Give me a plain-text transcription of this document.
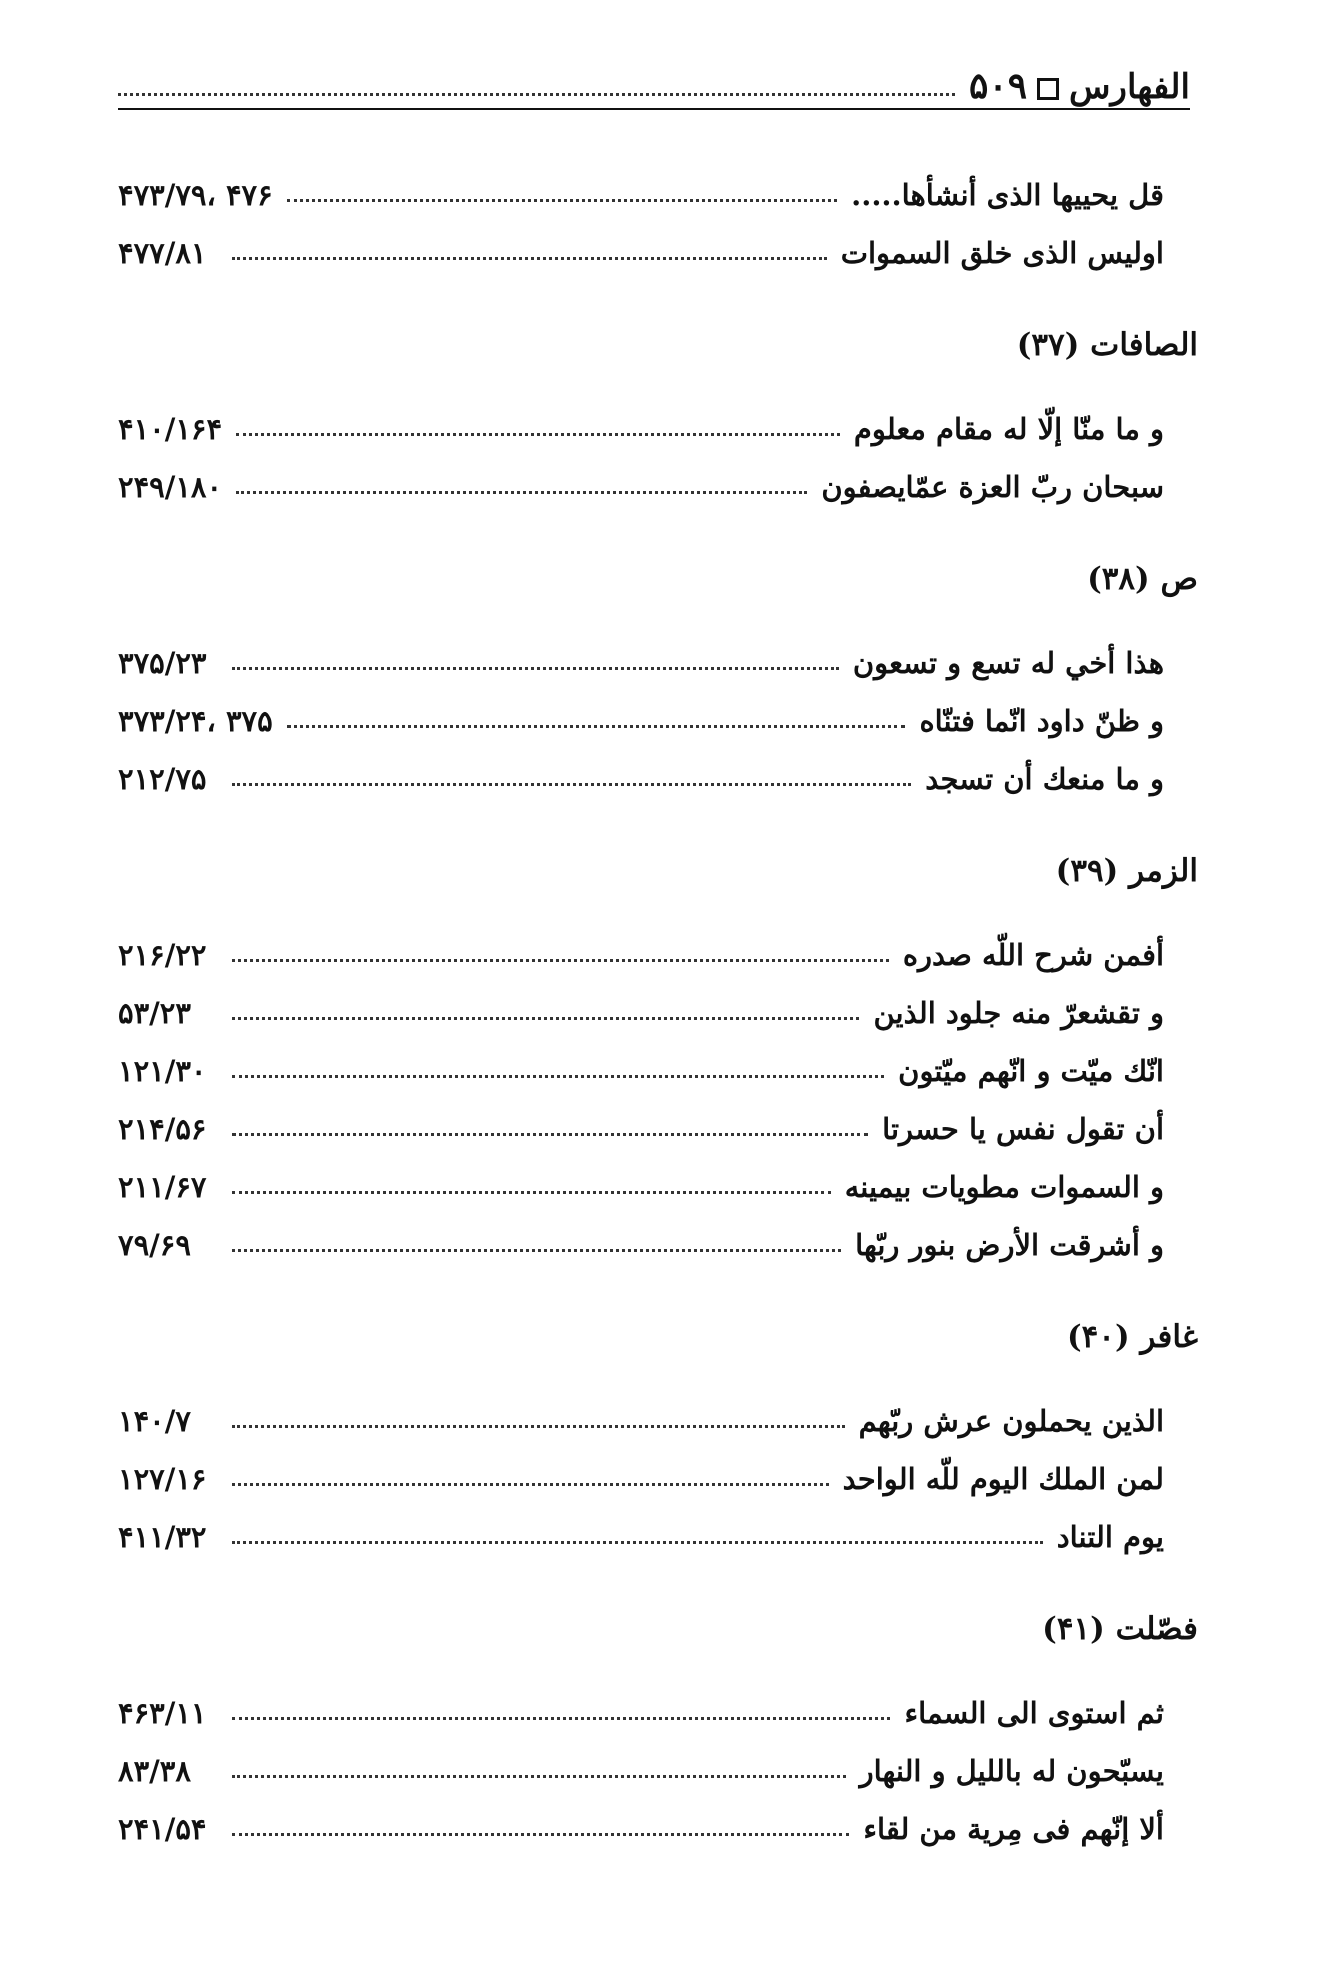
الفهارس
۵۰۹
قل يحييها الذى أنشأها.....
۴۷۶ ،۴۷۳/۷۹
اوليس الذى خلق السموات
۴۷۷/۸۱
الصافات (۳۷)
و ما منّا إلّا له مقام معلوم
۴۱۰/۱۶۴
سبحان ربّ العزة عمّايصفون
۲۴۹/۱۸۰
ص (۳۸)
هذا أخي له تسع و تسعون
۳۷۵/۲۳
و ظنّ داود انّما فتنّاه
۳۷۵ ،۳۷۳/۲۴
و ما منعك أن تسجد
۲۱۲/۷۵
الزمر (۳۹)
أفمن شرح اللّه صدره
۲۱۶/۲۲
و تقشعرّ منه جلود الذين
۵۳/۲۳
انّك ميّت و انّهم ميّتون
۱۲۱/۳۰
أن تقول نفس يا حسرتا
۲۱۴/۵۶
و السموات مطويات بيمينه
۲۱۱/۶۷
و أشرقت الأرض بنور ربّها
۷۹/۶۹
غافر (۴۰)
الذين يحملون عرش ربّهم
۱۴۰/۷
لمن الملك اليوم للّه الواحد
۱۲۷/۱۶
يوم التناد
۴۱۱/۳۲
فصّلت (۴۱)
ثم استوى الى السماء
۴۶۳/۱۱
يسبّحون له بالليل و النهار
۸۳/۳۸
ألا إنّهم فى مِرية من لقاء
۲۴۱/۵۴
